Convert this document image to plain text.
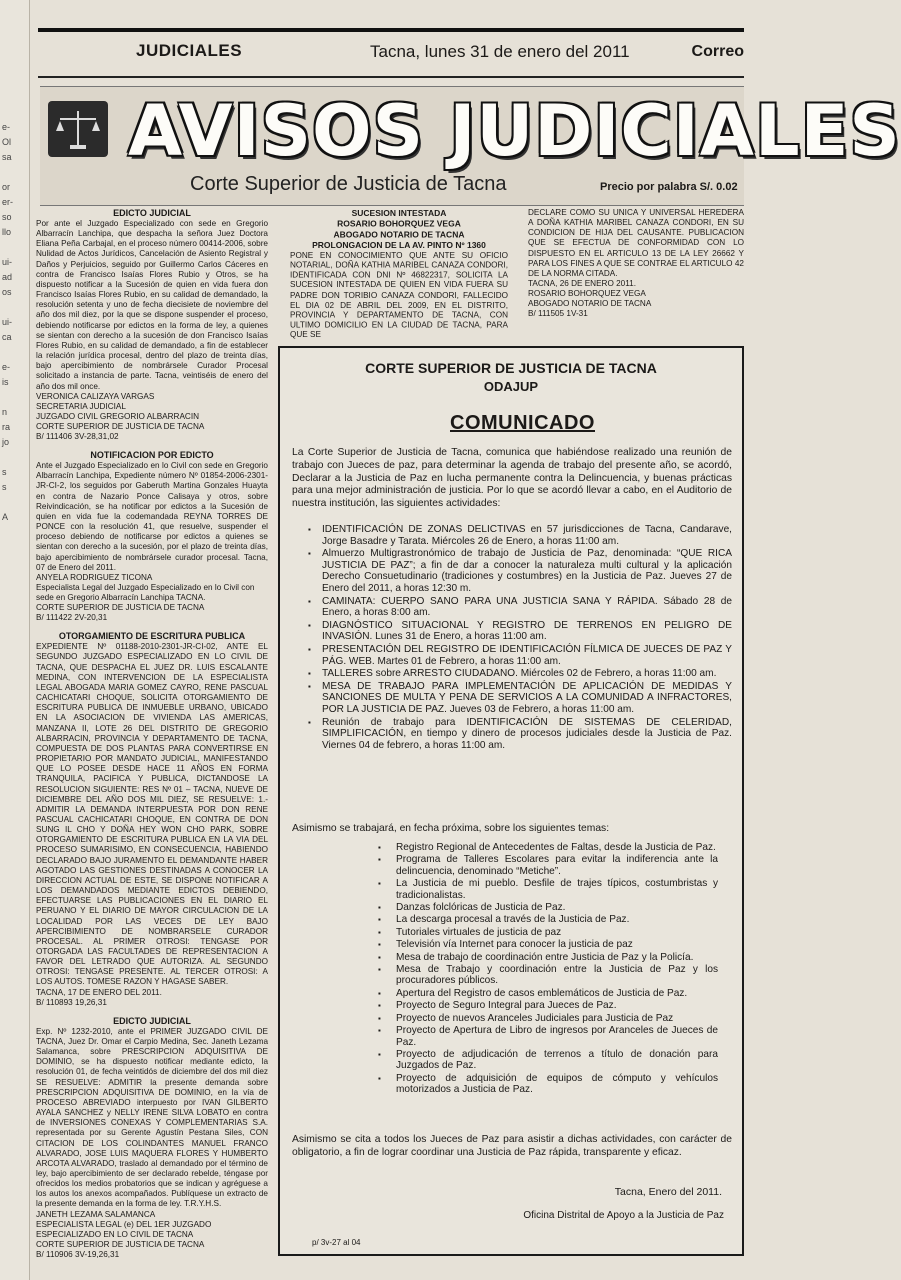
e-
Ol
sa

or
er-
so
llo

ui-
ad
os

ui-
ca

e-
is

n
ra
jo

s
s

A
JUDICIALES	Tacna, lunes 31 de enero del 2011	Correo
AVISOS JUDICIALES
Corte Superior de Justicia de Tacna	Precio por palabra S/. 0.02

EDICTO JUDICIAL

Por ante el Juzgado Especializado con sede en Gregorio Albarracín Lanchipa, que despacha la señora Juez Doctora Eliana Peña Carbajal, en el proceso número 00414-2006, sobre Nulidad de Actos Jurídicos, Cancelación de Asiento Registral y Daños y Perjuicios, seguido por Guillermo Carlos Cáceres en contra de Francisco Isaías Flores Rubio y Otros, se ha dispuesto notificar a la Sucesión de quien en vida fuera don Francisco Isaías Flores Rubio, en su calidad de demandado, la resolución setenta y uno de fecha diecisiete de noviembre del año dos mil diez, por la que se dispone suspender el proceso, debiendo notificarse por edictos en la forma de ley, a quienes se sientan con derecho a la sucesión de don Francisco Isaías Flores Rubio, en su calidad de demandado, a fin de establecer la relación jurídica procesal, dentro del plazo de treinta días, bajo apercibimiento de nombrársele Curador Procesal solicitado a instancia de parte. Tacna, veintiséis de enero del año dos mil once.

VERONICA CALIZAYA VARGAS

SECRETARIA JUDICIAL

JUZGADO CIVIL GREGORIO ALBARRACIN

CORTE SUPERIOR DE JUSTICIA DE TACNA

B/ 111406 3V-28,31,02

NOTIFICACION POR EDICTO

Ante el Juzgado Especializado en lo Civil con sede en Gregorio Albarracín Lanchipa, Expediente número Nº 01854-2006-2301-JR-CI-2, los seguidos por Gaberuth Martina Gonzales Huayta en contra de Nazario Ponce Calisaya y otros, sobre Reivindicación, se ha notificar por edictos a la Sucesión de quien en vida fue la codemandada REYNA TORRES DE PONCE con la resolución 41, que resuelve, suspender el proceso debiendo de notificarse por edictos a quienes se sientan con derecho a la sucesión, por el plazo de treinta días, bajo apercibimiento de nombrársele curador procesal. Tacna, 07 de Enero del 2011.

ANYELA RODRIGUEZ TICONA

Especialista Legal del Juzgado Especializado en lo Civil con sede en Gregorio Albarracín Lanchipa TACNA.

CORTE SUPERIOR DE JUSTICIA DE TACNA

B/ 111422 2V-20,31

OTORGAMIENTO DE ESCRITURA PUBLICA

EXPEDIENTE Nº 01188-2010-2301-JR-CI-02, ANTE EL SEGUNDO JUZGADO ESPECIALIZADO EN LO CIVIL DE TACNA, QUE DESPACHA EL JUEZ DR. LUIS ESCALANTE MEDINA, CON INTERVENCION DE LA ESPECIALISTA LEGAL ABOGADA MARIA GOMEZ CAYRO, RENE PASCUAL CACHICATARI CHOQUE, SOLICITA OTORGAMIENTO DE ESCRITURA PUBLICA DE INMUEBLE URBANO, UBICADO EN LA ASOCIACION DE VIVIENDA LAS AMERICAS, MANZANA II, LOTE 26 DEL DISTRITO DE GREGORIO ALBARRACIN, PROVINCIA Y DEPARTAMENTO DE TACNA, COMPUESTA DE DOS PLANTAS PARA CONVERTIRSE EN PROPIETARIO POR MANDATO JUDICIAL, MANIFESTANDO QUE LO POSEE DESDE HACE 11 AÑOS EN FORMA TRANQUILA, PACIFICA Y PUBLICA, DICTANDOSE LA RESOLUCION SIGUIENTE: RES Nº 01 – TACNA, NUEVE DE DICIEMBRE DEL AÑO DOS MIL DIEZ, SE RESUELVE: 1.- ADMITIR LA DEMANDA INTERPUESTA POR DON RENE PASCUAL CACHICATARI CHOQUE, EN CONTRA DE DON SUNG IL CHO Y DOÑA HEY WON CHO PARK, SOBRE OTORGAMIENTO DE ESCRITURA PUBLICA EN LA VIA DEL PROCESO SUMARISIMO, EN CONSECUENCIA, HABIENDO DECLARADO BAJO JURAMENTO EL DEMANDANTE HABER AGOTADO LAS GESTIONES DESTINADAS A CONOCER LA DIRECCION ACTUAL DE ESTE, SE DISPONE NOTIFICAR A LOS DEMANDADOS MEDIANTE EDICTOS DEBIENDO, EFECTUARSE LAS PUBLICACIONES EN EL DIARIO EL PERUANO Y EL DIARIO DE MAYOR CIRCULACION DE LA LOCALIDAD POR LAS VECES DE LEY BAJO APERCIBIMIENTO DE NOMBRARSELE CURADOR PROCESAL. AL PRIMER OTROSI: TENGASE POR OTORGADA LAS FACULTADES DE REPRESENTACION A FAVOR DEL LETRADO QUE AUTORIZA. AL SEGUNDO OTROSI: TENGASE PRESENTE. AL TERCER OTROSI: A LOS AUTOS. TOMESE RAZON Y HAGASE SABER.

TACNA, 17 DE ENERO DEL 2011.

B/ 110893 19,26,31

EDICTO JUDICIAL

Exp. Nº 1232-2010, ante el PRIMER JUZGADO CIVIL DE TACNA, Juez Dr. Omar el Carpio Medina, Sec. Janeth Lezama Salamanca, sobre PRESCRIPCION ADQUISITIVA DE DOMINIO, se ha dispuesto notificar mediante edicto, la resolución 01, de fecha veintidós de diciembre del dos mil diez SE RESUELVE: ADMITIR la presente demanda sobre PRESCRIPCION ADQUISITIVA DE DOMINIO, en la vía de PROCESO ABREVIADO interpuesto por IVAN GILBERTO AYALA SANCHEZ y NELLY IRENE SILVA LOBATO en contra de INVERSIONES CONEXAS Y COMPLEMENTARIAS S.A. representada por su Gerente Agustín Pestana Siles, CON CITACION DE LOS COLINDANTES MANUEL FRANCO ALVARADO, JOSE LUIS MAQUERA FLORES Y HUMBERTO ARCOTA ALVARADO, traslado al demandado por el término de ley, bajo apercibimiento de ser declarado rebelde, téngase por ofrecidos los medios probatorios que se indican y agréguese a los autos los anexos acompañados. Publíquese un extracto de la presente demanda en la forma de ley. T.R.Y.H.S.

JANETH LEZAMA SALAMANCA

ESPECIALISTA LEGAL (e) DEL 1ER JUZGADO

ESPECIALIZADO EN LO CIVIL DE TACNA

CORTE SUPERIOR DE JUSTICIA DE TACNA

B/ 110906 3V-19,26,31

SUCESION INTESTADA

ROSARIO BOHORQUEZ VEGA

ABOGADO NOTARIO DE TACNA

PROLONGACION DE LA AV. PINTO Nº 1360

PONE EN CONOCIMIENTO QUE ANTE SU OFICIO NOTARIAL, DOÑA KATHIA MARIBEL CANAZA CONDORI, IDENTIFICADA CON DNI Nº 46822317, SOLICITA LA SUCESION INTESTADA DE QUIEN EN VIDA FUERA SU PADRE DON TORIBIO CANAZA CONDORI, FALLECIDO EL DIA 02 DE ABRIL DEL 2009, EN EL DISTRITO, PROVINCIA Y DEPARTAMENTO DE TACNA, CON ULTIMO DOMICILIO EN LA CIUDAD DE TACNA, PARA QUE SE

DECLARE COMO SU UNICA Y UNIVERSAL HEREDERA A DOÑA KATHIA MARIBEL CANAZA CONDORI, EN SU CONDICION DE HIJA DEL CAUSANTE. PUBLICACION QUE SE EFECTUA DE CONFORMIDAD CON LO DISPUESTO EN EL ARTICULO 13 DE LA LEY 26662 Y PARA LOS FINES A QUE SE CONTRAE EL ARTICULO 42 DE LA NORMA CITADA.

TACNA, 26 DE ENERO 2011.

ROSARIO BOHORQUEZ VEGA

ABOGADO NOTARIO DE TACNA

B/ 111505 1V-31

CORTE SUPERIOR DE JUSTICIA DE TACNA
ODAJUP
COMUNICADO
La Corte Superior de Justicia de Tacna, comunica que habiéndose realizado una reunión de trabajo con Jueces de paz, para determinar la agenda de trabajo del presente año, se acordó, Declarar a la Justicia de Paz en lucha permanente contra la Delincuencia, y buenas prácticas para una mejor administración de justicia. Por lo que se acordó llevar a cabo, en el Auditorio de nuestra institución, las siguientes actividades:
▪ IDENTIFICACIÓN DE ZONAS DELICTIVAS en 57 jurisdicciones de Tacna, Candarave, Jorge Basadre y Tarata. Miércoles 26 de Enero, a horas 11:00 am.
▪ Almuerzo Multigrastronómico de trabajo de Justicia de Paz, denominada: “QUE RICA JUSTICIA DE PAZ”; a fin de dar a conocer la naturaleza multi cultural y la aplicación Derecho Consuetudinario (tradiciones y costumbres) en la Justicia de Paz. Jueves 27 de Enero del 2011, a horas 12:30 m.
▪ CAMINATA: CUERPO SANO PARA UNA JUSTICIA SANA Y RÁPIDA. Sábado 28 de Enero, a horas 8:00 am.
▪ DIAGNÓSTICO SITUACIONAL Y REGISTRO DE TERRENOS EN PELIGRO DE INVASIÓN. Lunes 31 de Enero, a horas 11:00 am.
▪ PRESENTACIÓN DEL REGISTRO DE IDENTIFICACIÓN FÍLMICA DE JUECES DE PAZ Y PÁG. WEB. Martes 01 de Febrero, a horas 11:00 am.
▪ TALLERES sobre ARRESTO CIUDADANO. Miércoles 02 de Febrero, a horas 11:00 am.
▪ MESA DE TRABAJO PARA IMPLEMENTACIÓN DE APLICACIÓN DE MEDIDAS Y SANCIONES DE MULTA Y PENA DE SERVICIOS A LA COMUNIDAD A INFRACTORES, POR LA JUSTICIA DE PAZ. Jueves 03 de Febrero, a horas 11:00 am.
▪ Reunión de trabajo para IDENTIFICACIÓN DE SISTEMAS DE CELERIDAD, SIMPLIFICACIÓN, en tiempo y dinero de procesos judiciales desde la Justicia de Paz. Viernes 04 de febrero, a horas 11:00 am.
Asimismo se trabajará, en fecha próxima, sobre los siguientes temas:
▪ Registro Regional de Antecedentes de Faltas, desde la Justicia de Paz.
▪ Programa de Talleres Escolares para evitar la indiferencia ante la delincuencia, denominado “Metiche”.
▪ La Justicia de mi pueblo. Desfile de trajes típicos, costumbristas y tradicionalistas.
▪ Danzas folclóricas de Justicia de Paz.
▪ La descarga procesal a través de la Justicia de Paz.
▪ Tutoriales virtuales de justicia de paz
▪ Televisión vía Internet para conocer la justicia de paz
▪ Mesa de trabajo de coordinación entre Justicia de Paz y la Policía.
▪ Mesa de Trabajo y coordinación entre la Justicia de Paz y los procuradores públicos.
▪ Apertura del Registro de casos emblemáticos de Justicia de Paz.
▪ Proyecto de Seguro Integral para Jueces de Paz.
▪ Proyecto de nuevos Aranceles Judiciales para Justicia de Paz
▪ Proyecto de Apertura de Libro de ingresos por Aranceles de Jueces de Paz.
▪ Proyecto de adjudicación de terrenos a título de donación para Juzgados de Paz.
▪ Proyecto de adquisición de equipos de cómputo y vehículos motorizados a Justicia de Paz.
Asimismo se cita a todos los Jueces de Paz para asistir a dichas actividades, con carácter de obligatorio, a fin de lograr coordinar una Justicia de Paz rápida, transparente y eficaz.
Tacna, Enero del 2011.
Oficina Distrital de Apoyo a la Justicia de Paz
p/ 3v-27 al 04
